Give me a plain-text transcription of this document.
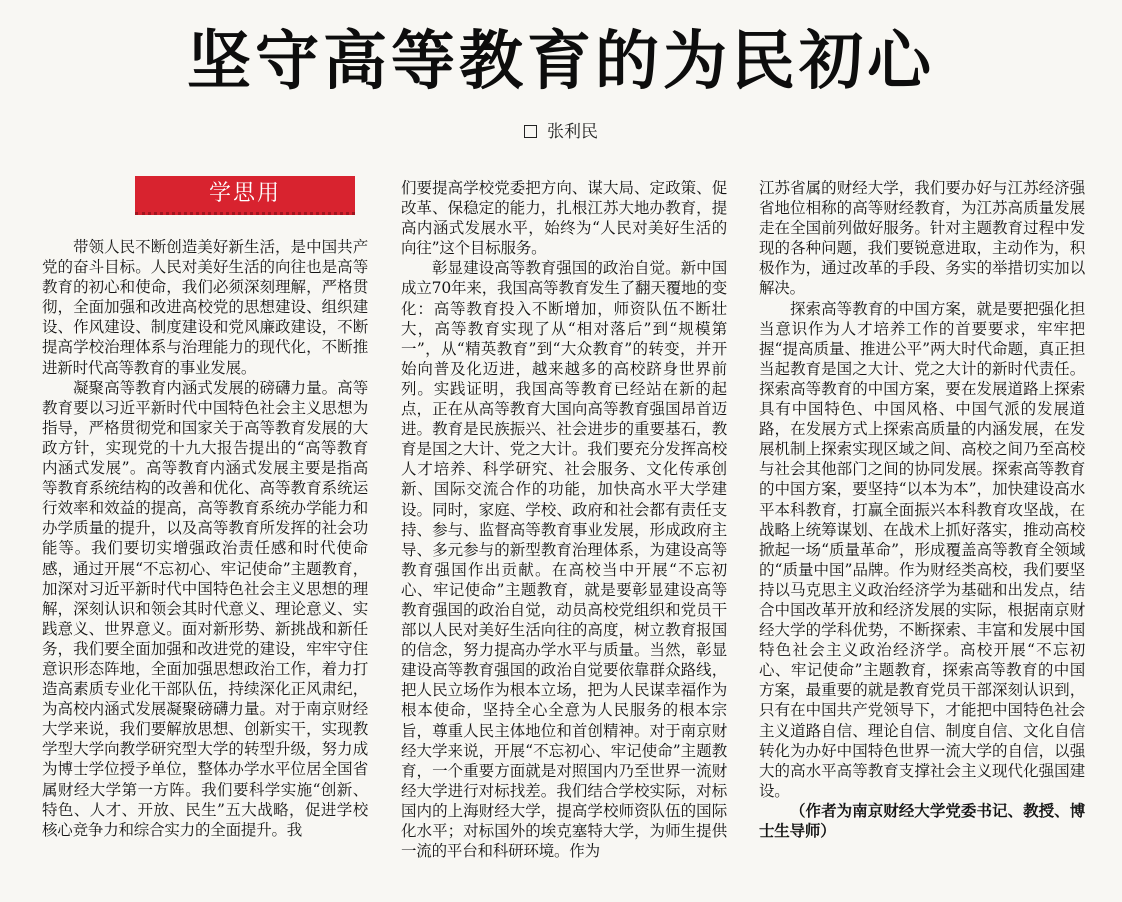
坚守高等教育的为民初心
张利民
学思用

带领人民不断创造美好新生活，是中国共产党的奋斗目标。人民对美好生活的向往也是高等教育的初心和使命，我们必须深刻理解，严格贯彻，全面加强和改进高校党的思想建设、组织建设、作风建设、制度建设和党风廉政建设，不断提高学校治理体系与治理能力的现代化，不断推进新时代高等教育的事业发展。

凝聚高等教育内涵式发展的磅礴力量。高等教育要以习近平新时代中国特色社会主义思想为指导，严格贯彻党和国家关于高等教育发展的大政方针，实现党的十九大报告提出的“高等教育内涵式发展”。高等教育内涵式发展主要是指高等教育系统结构的改善和优化、高等教育系统运行效率和效益的提高，高等教育系统办学能力和办学质量的提升，以及高等教育所发挥的社会功能等。我们要切实增强政治责任感和时代使命感，通过开展“不忘初心、牢记使命”主题教育，加深对习近平新时代中国特色社会主义思想的理解，深刻认识和领会其时代意义、理论意义、实践意义、世界意义。面对新形势、新挑战和新任务，我们要全面加强和改进党的建设，牢牢守住意识形态阵地，全面加强思想政治工作，着力打造高素质专业化干部队伍，持续深化正风肃纪，为高校内涵式发展凝聚磅礴力量。对于南京财经大学来说，我们要解放思想、创新实干，实现教学型大学向教学研究型大学的转型升级，努力成为博士学位授予单位，整体办学水平位居全国省属财经大学第一方阵。我们要科学实施“创新、特色、人才、开放、民生”五大战略，促进学校核心竞争力和综合实力的全面提升。我

们要提高学校党委把方向、谋大局、定政策、促改革、保稳定的能力，扎根江苏大地办教育，提高内涵式发展水平，始终为“人民对美好生活的向往”这个目标服务。

彰显建设高等教育强国的政治自觉。新中国成立70年来，我国高等教育发生了翻天覆地的变化：高等教育投入不断增加，师资队伍不断壮大，高等教育实现了从“相对落后”到“规模第一”，从“精英教育”到“大众教育”的转变，并开始向普及化迈进，越来越多的高校跻身世界前列。实践证明，我国高等教育已经站在新的起点，正在从高等教育大国向高等教育强国昂首迈进。教育是民族振兴、社会进步的重要基石，教育是国之大计、党之大计。我们要充分发挥高校人才培养、科学研究、社会服务、文化传承创新、国际交流合作的功能，加快高水平大学建设。同时，家庭、学校、政府和社会都有责任支持、参与、监督高等教育事业发展，形成政府主导、多元参与的新型教育治理体系，为建设高等教育强国作出贡献。在高校当中开展“不忘初心、牢记使命”主题教育，就是要彰显建设高等教育强国的政治自觉，动员高校党组织和党员干部以人民对美好生活向往的高度，树立教育报国的信念，努力提高办学水平与质量。当然，彰显建设高等教育强国的政治自觉要依靠群众路线，把人民立场作为根本立场，把为人民谋幸福作为根本使命，坚持全心全意为人民服务的根本宗旨，尊重人民主体地位和首创精神。对于南京财经大学来说，开展“不忘初心、牢记使命”主题教育，一个重要方面就是对照国内乃至世界一流财经大学进行对标找差。我们结合学校实际，对标国内的上海财经大学，提高学校师资队伍的国际化水平；对标国外的埃克塞特大学，为师生提供一流的平台和科研环境。作为

江苏省属的财经大学，我们要办好与江苏经济强省地位相称的高等财经教育，为江苏高质量发展走在全国前列做好服务。针对主题教育过程中发现的各种问题，我们要锐意进取，主动作为，积极作为，通过改革的手段、务实的举措切实加以解决。

探索高等教育的中国方案，就是要把强化担当意识作为人才培养工作的首要要求，牢牢把握“提高质量、推进公平”两大时代命题，真正担当起教育是国之大计、党之大计的新时代责任。探索高等教育的中国方案，要在发展道路上探索具有中国特色、中国风格、中国气派的发展道路，在发展方式上探索高质量的内涵发展，在发展机制上探索实现区域之间、高校之间乃至高校与社会其他部门之间的协同发展。探索高等教育的中国方案，要坚持“以本为本”，加快建设高水平本科教育，打赢全面振兴本科教育攻坚战，在战略上统筹谋划、在战术上抓好落实，推动高校掀起一场“质量革命”，形成覆盖高等教育全领域的“质量中国”品牌。作为财经类高校，我们要坚持以马克思主义政治经济学为基础和出发点，结合中国改革开放和经济发展的实际，根据南京财经大学的学科优势，不断探索、丰富和发展中国特色社会主义政治经济学。高校开展“不忘初心、牢记使命”主题教育，探索高等教育的中国方案，最重要的就是教育党员干部深刻认识到，只有在中国共产党领导下，才能把中国特色社会主义道路自信、理论自信、制度自信、文化自信转化为办好中国特色世界一流大学的自信，以强大的高水平高等教育支撑社会主义现代化强国建设。

（作者为南京财经大学党委书记、教授、博士生导师）
